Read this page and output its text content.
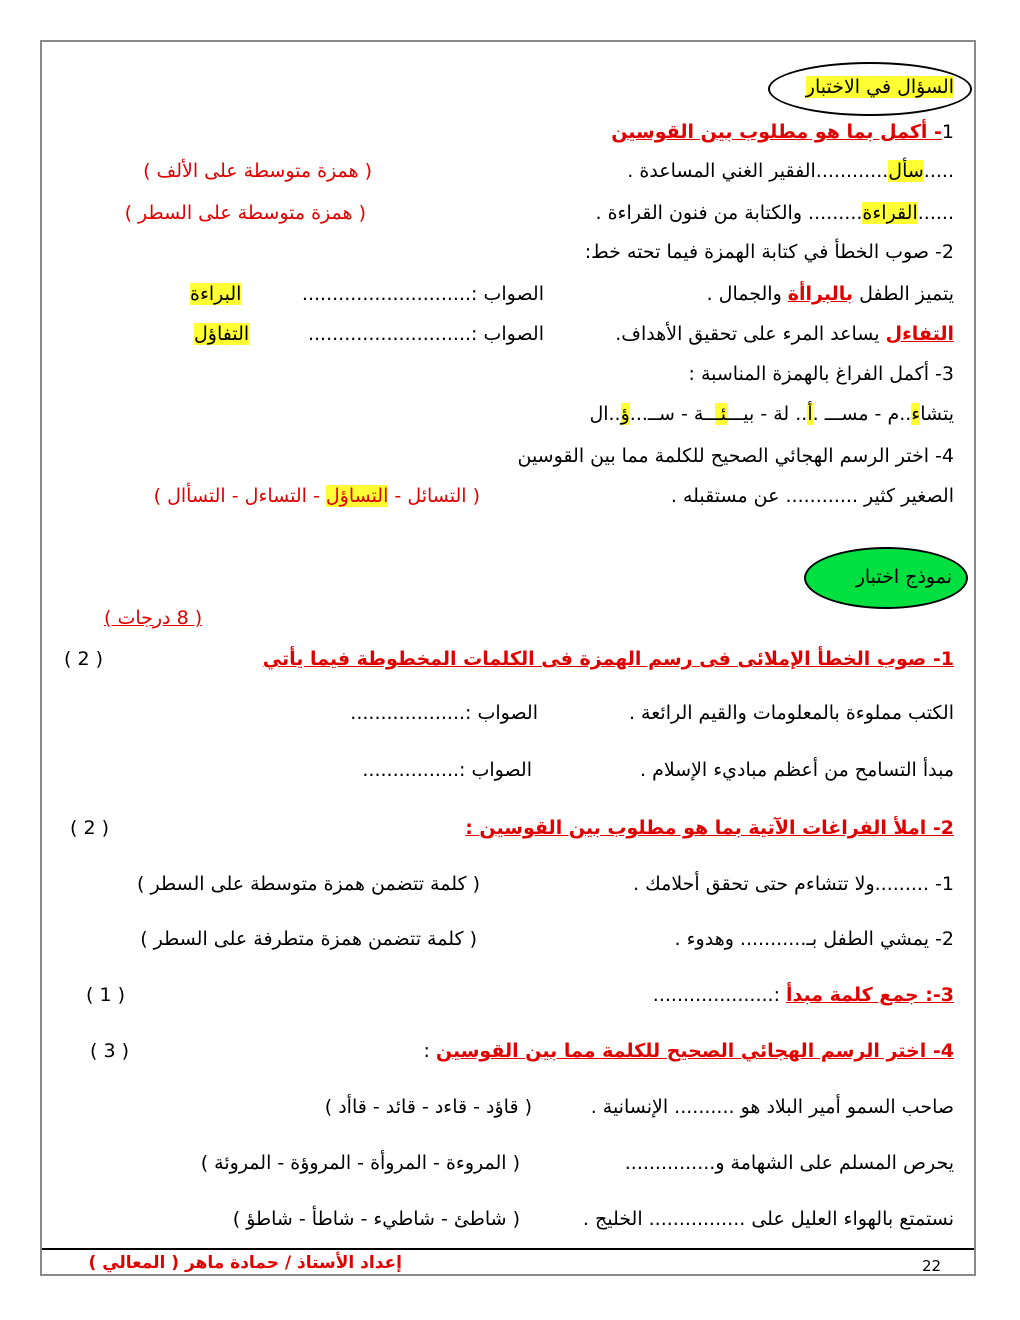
السؤال في الاختبار
1- أكمل بما هو مطلوب بين القوسين
.....سأل............الفقير الغني المساعدة .
( همزة متوسطة على الألف )
......القراءة......... والكتابة من فنون القراءة .
( همزة متوسطة على السطر )
2- صوب الخطأ في كتابة الهمزة فيما تحته خط:
يتميز الطفل بالبراأة والجمال .
الصواب :............................
البراءة
التفاءل يساعد المرء على تحقيق الأهداف.
الصواب :...........................
التفاؤل
3- أكمل الفراغ بالهمزة المناسبة :
يتشاء..م - مســـ .أ.. لة - بيـــئـــة - ســ...ؤ..ال
4- اختر الرسم الهجائي الصحيح للكلمة مما بين القوسين
الصغير كثير ............ عن مستقبله .
( التسائل - التساؤل - التساءل - التسأال )
نموذج اختبار
( 8 درجات )
1- صوب الخطأ الإملائى فى رسم الهمزة فى الكلمات المخطوطة فيما يأتي
( 2 )
الكتب مملوءة بالمعلومات والقيم الرائعة .
الصواب :...................
مبدأ التسامح من أعظم مباديء الإسلام .
الصواب :................
2- املأ الفراغات الآتية بما هو مطلوب بين القوسين :
( 2 )
1- .........ولا تتشاءم حتى تحقق أحلامك .
( كلمة تتضمن همزة متوسطة على السطر )
2- يمشي الطفل بـ........... وهدوء .
( كلمة تتضمن همزة متطرفة على السطر )
3-: جمع كلمة مبدأ
:....................
( 1 )
4- اختر الرسم الهجائي الصحيح للكلمة مما بين القوسين :
( 3 )
صاحب السمو أمير البلاد هو .......... الإنسانية .
( قاؤد - قاءد - قائد - قاأد )
يحرص المسلم على الشهامة و...............
( المروءة - المروأة - المروؤة - المروئة )
نستمتع بالهواء العليل على ................ الخليج .
( شاطئ - شاطيء - شاطأ - شاطؤ )
إعداد الأستاذ / حمادة ماهر ( المعالي )	22
